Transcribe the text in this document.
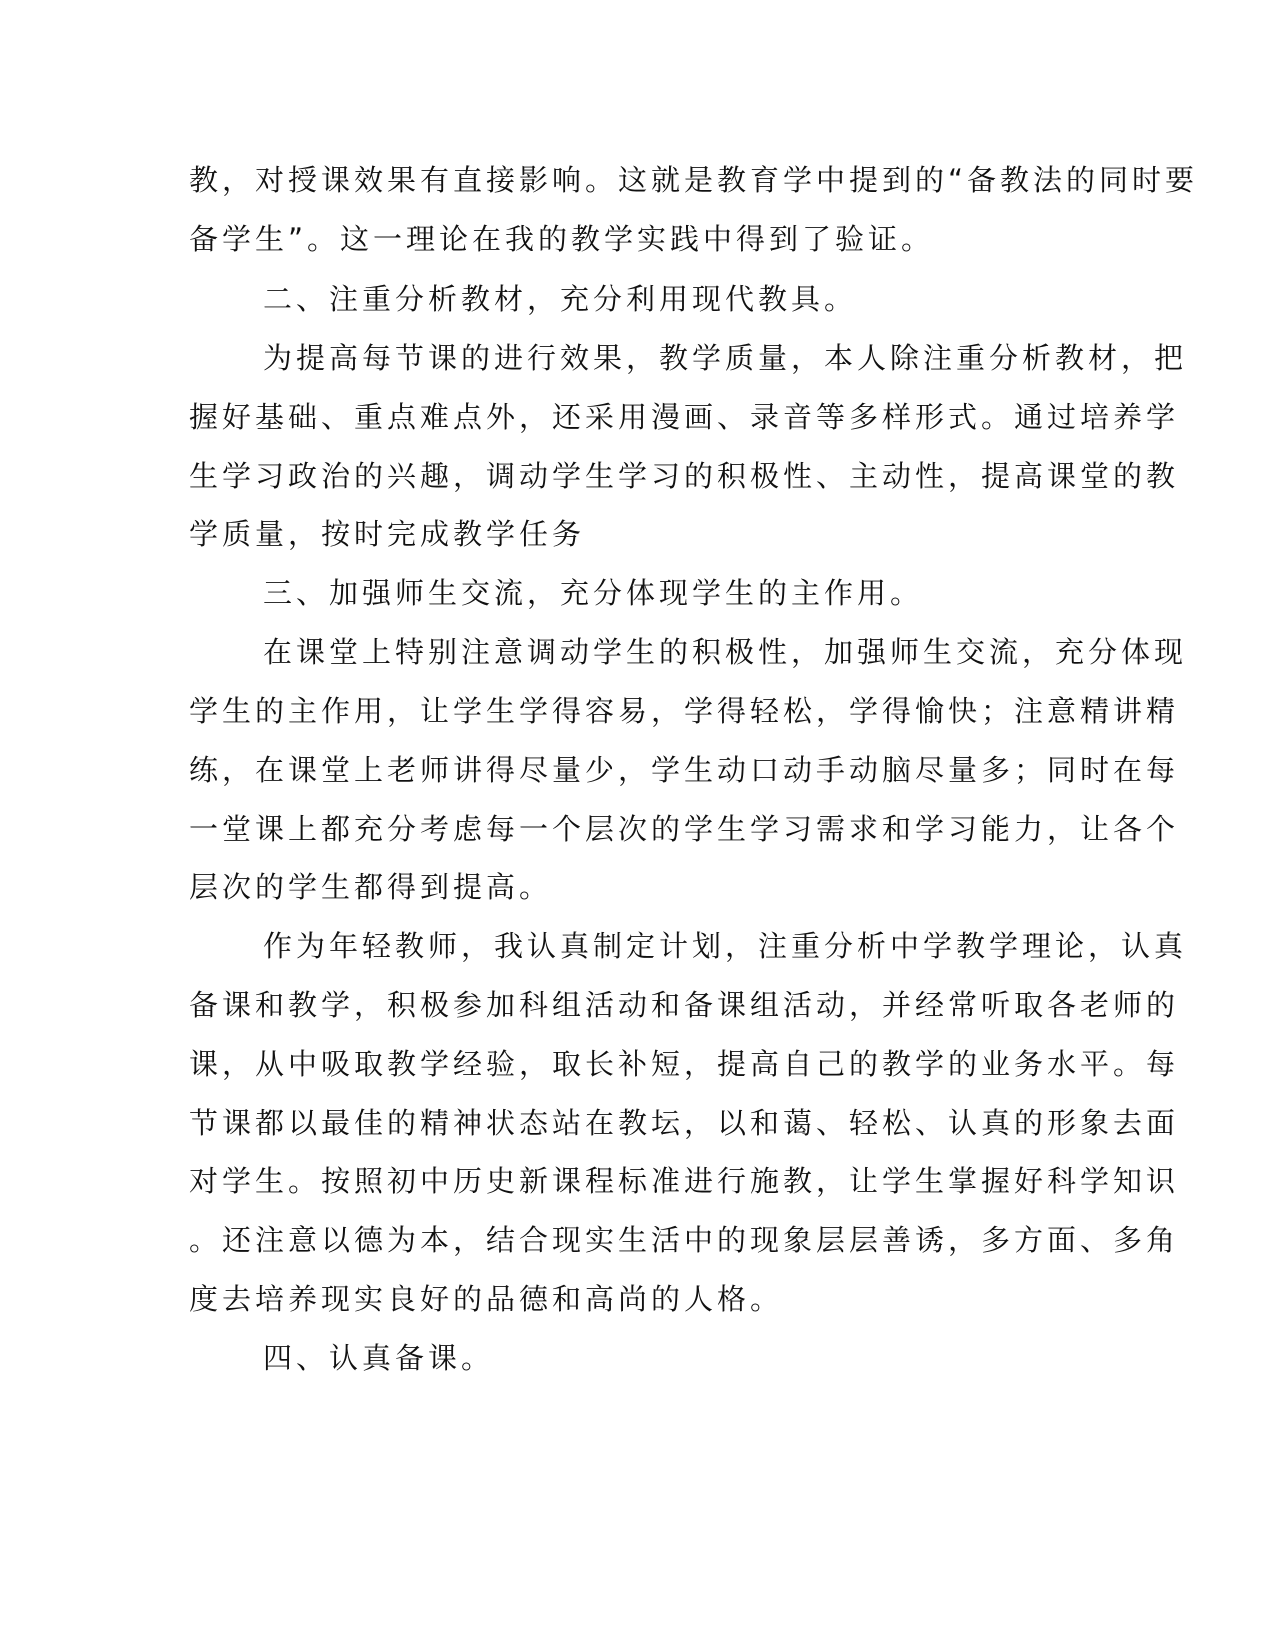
教，对授课效果有直接影响。这就是教育学中提到的“备教法的同时要
备学生”。这一理论在我的教学实践中得到了验证。
二、注重分析教材，充分利用现代教具。
为提高每节课的进行效果，教学质量，本人除注重分析教材，把
握好基础、重点难点外，还采用漫画、录音等多样形式。通过培养学
生学习政治的兴趣，调动学生学习的积极性、主动性，提高课堂的教
学质量，按时完成教学任务
三、加强师生交流，充分体现学生的主作用。
在课堂上特别注意调动学生的积极性，加强师生交流，充分体现
学生的主作用，让学生学得容易，学得轻松，学得愉快；注意精讲精
练，在课堂上老师讲得尽量少，学生动口动手动脑尽量多；同时在每
一堂课上都充分考虑每一个层次的学生学习需求和学习能力，让各个
层次的学生都得到提高。
作为年轻教师，我认真制定计划，注重分析中学教学理论，认真
备课和教学，积极参加科组活动和备课组活动，并经常听取各老师的
课，从中吸取教学经验，取长补短，提高自己的教学的业务水平。每
节课都以最佳的精神状态站在教坛，以和蔼、轻松、认真的形象去面
对学生。按照初中历史新课程标准进行施教，让学生掌握好科学知识
。还注意以德为本，结合现实生活中的现象层层善诱，多方面、多角
度去培养现实良好的品德和高尚的人格。
四、认真备课。
